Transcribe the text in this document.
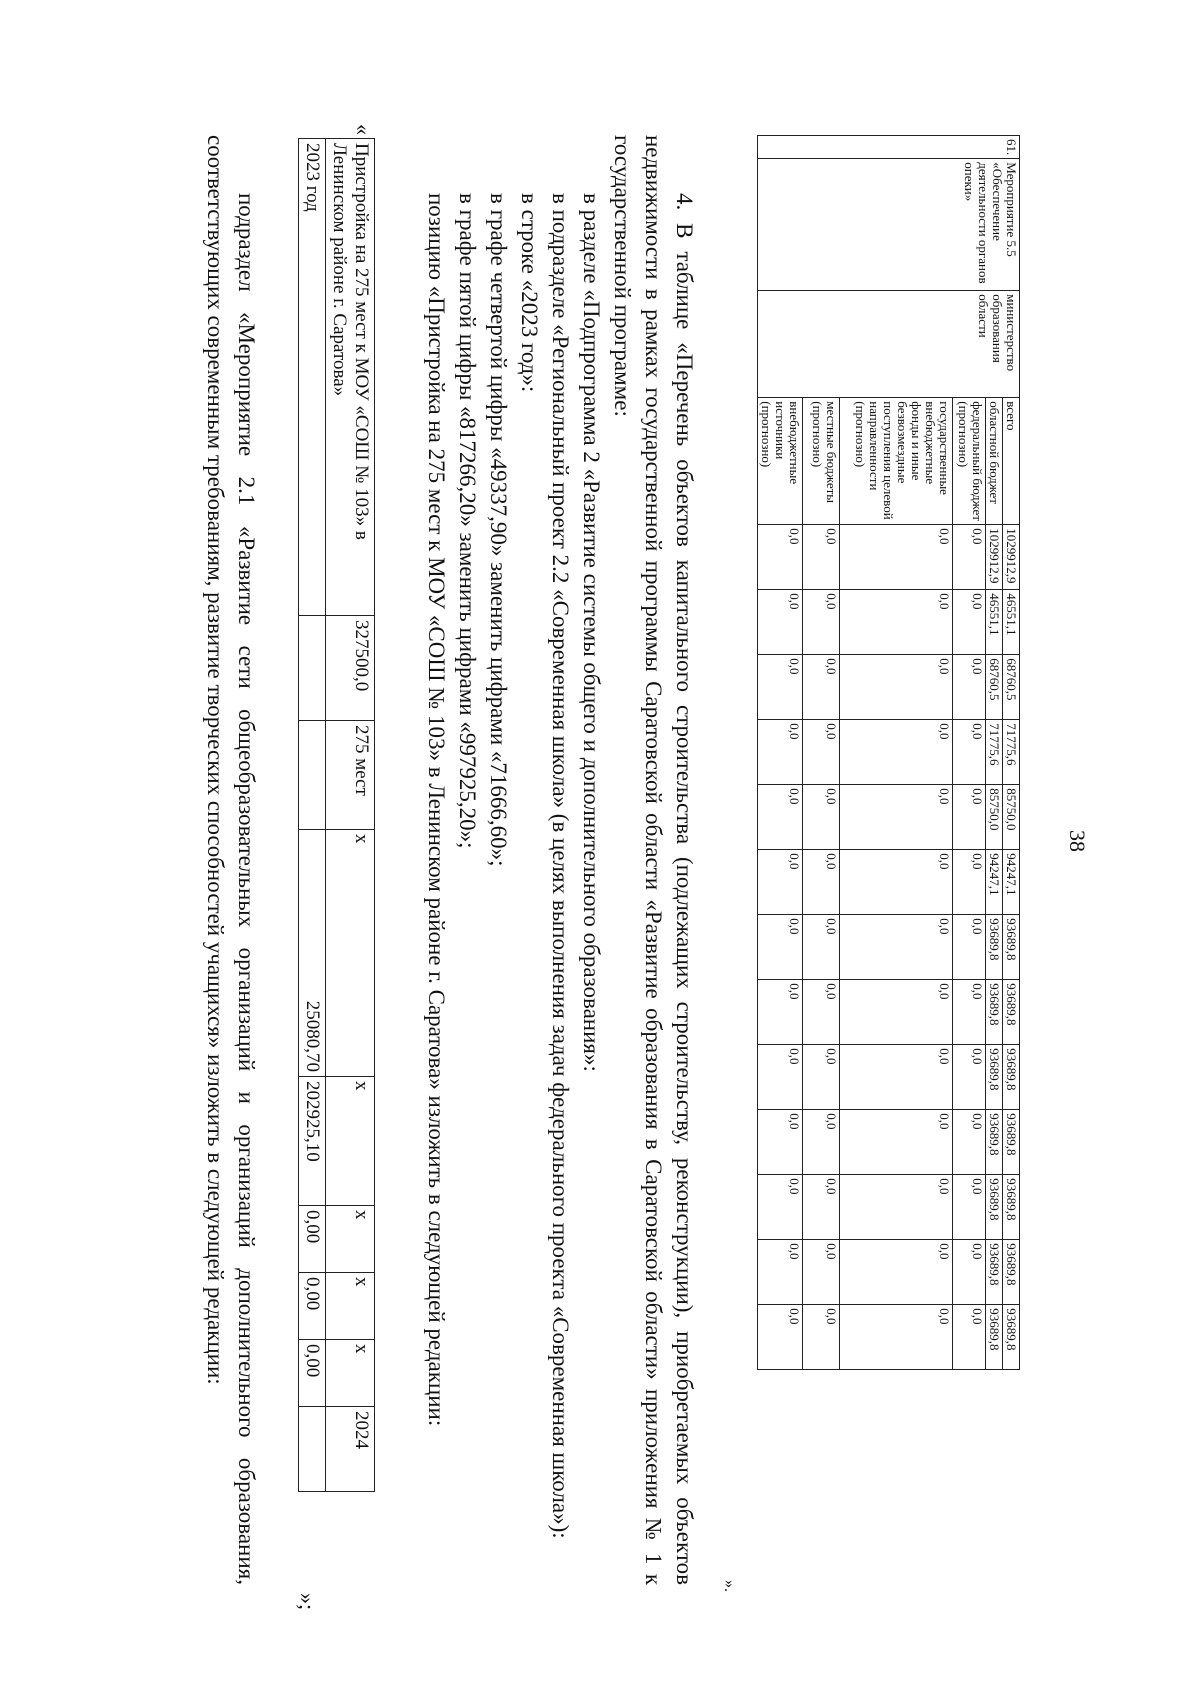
38
61.	Мероприятие 5.5 «Обеспечение деятельности органов опеки»	министерство образования области	всего	1029912,9	46551,1	68760,5	71775,6	85750,0	94247,1	93689,8	93689,8	93689,8	93689,8	93689,8	93689,8	93689,8
			областной бюджет	1029912,9	46551,1	68760,5	71775,6	85750,0	94247,1	93689,8	93689,8	93689,8	93689,8	93689,8	93689,8	93689,8
			федеральный бюджет (прогнозно)	0,0	0,0	0,0	0,0	0,0	0,0	0,0	0,0	0,0	0,0	0,0	0,0	0,0
			государственные внебюджетные фонды и иные безвозмездные поступления целевой направленности (прогнозно)	0,0	0,0	0,0	0,0	0,0	0,0	0,0	0,0	0,0	0,0	0,0	0,0	0,0
			местные бюджеты (прогнозно)	0,0	0,0	0,0	0,0	0,0	0,0	0,0	0,0	0,0	0,0	0,0	0,0	0,0
			внебюджетные источники (прогнозно)	0,0	0,0	0,0	0,0	0,0	0,0	0,0	0,0	0,0	0,0	0,0	0,0	0,0
».

4. В таблице «Перечень объектов капитального строительства (подлежащих строительству, реконструкции), приобретаемых объектов недвижимости в рамках государственной программы Саратовской области «Развитие образования в Саратовской области» приложения № 1 к государственной программе:

в разделе «Подпрограмма 2 «Развитие системы общего и дополнительного образования»:

в подразделе «Региональный проект 2.2 «Современная школа» (в целях выполнения задач федерального проекта «Современная школа»):

в строке «2023 год»:

в графе четвертой цифры «49337,90» заменить цифрами «71666,60»;

в графе пятой цифры «817266,20» заменить цифрами «997925,20»;

позицию «Пристройка на 275 мест к МОУ «СОШ № 103» в Ленинском районе г. Саратова» изложить в следующей редакции:

«
Пристройка на 275 мест к МОУ «СОШ № 103» в Ленинском районе г. Саратова»	327500,0	275 мест	х	х	х	х	х	2024
2023 год			25080,70	202925,10	0,00	0,00	0,00	
»;

подраздел «Мероприятие 2.1 «Развитие сети общеобразовательных организаций и организаций дополнительного образования, соответствующих современным требованиям, развитие творческих способностей учащихся» изложить в следующей редакции:
